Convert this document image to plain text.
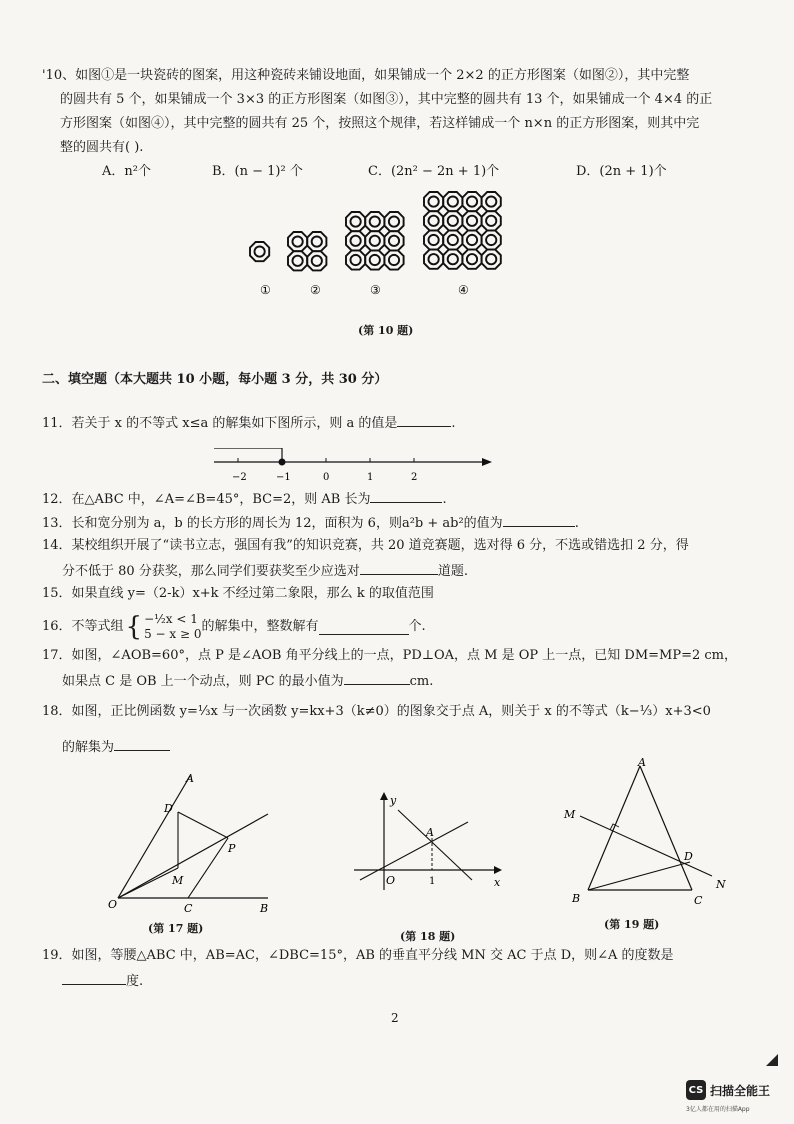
'10、如图①是一块瓷砖的图案，用这种瓷砖来铺设地面，如果铺成一个 2×2 的正方形图案（如图②），其中完整
的圆共有 5 个，如果铺成一个 3×3 的正方形图案（如图③），其中完整的圆共有 13 个，如果铺成一个 4×4 的正
方形图案（如图④），其中完整的圆共有 25 个，按照这个规律，若这样铺成一个 n×n 的正方形图案，则其中完
整的圆共有( ).
A．n²个	B．(n − 1)² 个	C．(2n² − 2n + 1)个	D．(2n + 1)个
①	②	③	④
(第 10 题)
二、填空题（本大题共 10 小题，每小题 3 分，共 30 分）
11．若关于 x 的不等式 x≤a 的解集如下图所示，则 a 的值是	.
−2	−1	0	1	2
12．在△ABC 中，∠A=∠B=45°，BC=2，则 AB 长为	.
13．长和宽分别为 a，b 的长方形的周长为 12，面积为 6，则a²b + ab²的值为	.
14．某校组织开展了“读书立志，强国有我”的知识竞赛，共 20 道竞赛题，选对得 6 分，不选或错选扣 2 分，得
分不低于 80 分获奖，那么同学们要获奖至少应选对	道题.
15．如果直线 y=（2-k）x+k 不经过第二象限，那么 k 的取值范围
16．不等式组 { −½x < 1
5 − x ≥ 0 的解集中，整数解有	个.
17．如图，∠AOB=60°，点 P 是∠AOB 角平分线上的一点，PD⊥OA，点 M 是 OP 上一点，已知 DM=MP=2 cm，
如果点 C 是 OB 上一个动点，则 PC 的最小值为	cm.
18．如图，正比例函数 y=⅓x 与一次函数 y=kx+3（k≠0）的图象交于点 A，则关于 x 的不等式（k−⅓）x+3<0
的解集为
A
D
P
M
O	C	B
(第 17 题)
y
A
O	1	x
(第 18 题)
A
M
D
N
B	C
(第 19 题)
19．如图，等腰△ABC 中，AB=AC，∠DBC=15°，AB 的垂直平分线 MN 交 AC 于点 D，则∠A 的度数是
度.
2
CS 扫描全能王
3亿人都在用的扫描App
